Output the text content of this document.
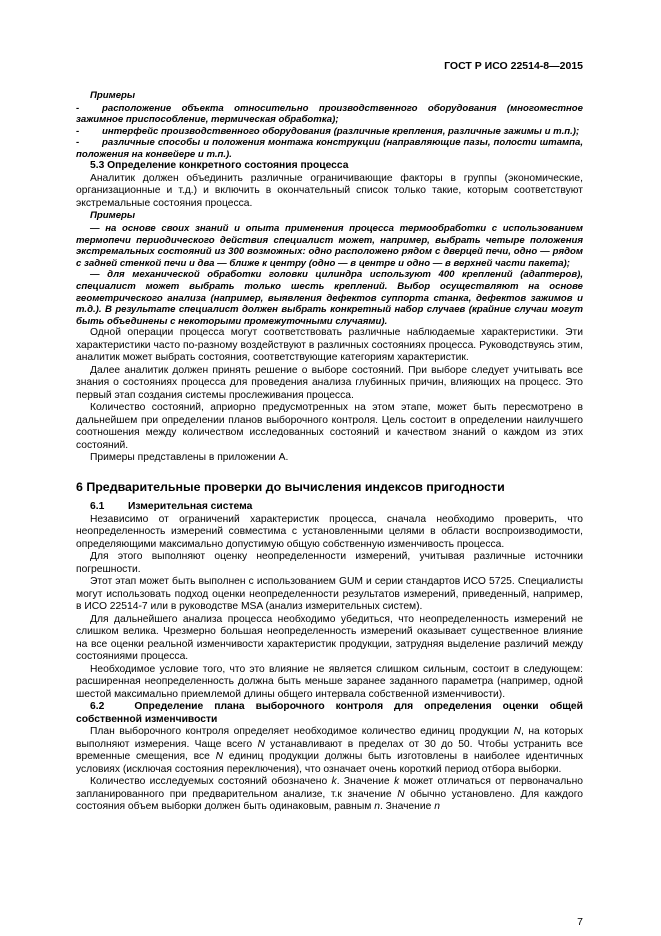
ГОСТ Р ИСО 22514-8—2015

Примеры

-	расположение объекта относительно производственного оборудования (многоместное зажимное приспособление, термическая обработка);
-	интерфейс производственного оборудования (различные крепления, различные зажимы и т.п.);
-	различные способы и положения монтажа конструкции (направляющие пазы, полости штампа, положения на конвейере и т.п.).

5.3 Определение конкретного состояния процесса

Аналитик должен объединить различные ограничивающие факторы в группы (экономические, организационные и т.д.) и включить в окончательный список только такие, которым соответствуют экстремальные состояния процесса.

Примеры

— на основе своих знаний и опыта применения процесса термообработки с использованием термопечи периодического действия специалист может, например, выбрать четыре положения экстремальных состояний из 300 возможных: одно расположено рядом с дверцей печи, одно — рядом с задней стенкой печи и два — ближе к центру (одно — в центре и одно — в верхней части пакета);

— для механической обработки головки цилиндра используют 400 креплений (адаптеров), специалист может выбрать только шесть креплений. Выбор осуществляют на основе геометрического анализа (например, выявления дефектов суппорта станка, дефектов зажимов и т.д.). В результате специалист должен выбрать конкретный набор случаев (крайние случаи могут быть объединены с некоторыми промежуточными случаями).

Одной операции процесса могут соответствовать различные наблюдаемые характеристики. Эти характеристики часто по-разному воздействуют в различных состояниях процесса. Руководствуясь этим, аналитик может выбрать состояния, соответствующие категориям характеристик.

Далее аналитик должен принять решение о выборе состояний. При выборе следует учитывать все знания о состояниях процесса для проведения анализа глубинных причин, влияющих на процесс. Это первый этап создания системы прослеживания процесса.

Количество состояний, априорно предусмотренных на этом этапе, может быть пересмотрено в дальнейшем при определении планов выборочного контроля. Цель состоит в определении наилучшего соотношения между количеством исследованных состояний и качеством знаний о каждом из этих состояний.

Примеры представлены в приложении А.

6 Предварительные проверки до вычисления индексов пригодности

6.1	Измерительная система

Независимо от ограничений характеристик процесса, сначала необходимо проверить, что неопределенность измерений совместима с установленными целями в области воспроизводимости, определяющими максимально допустимую общую собственную изменчивость процесса.

Для этого выполняют оценку неопределенности измерений, учитывая различные источники погрешности.

Этот этап может быть выполнен с использованием GUM и серии стандартов ИСО 5725. Специалисты могут использовать подход оценки неопределенности результатов измерений, приведенный, например, в ИСО 22514-7 или в руководстве MSA (анализ измерительных систем).

Для дальнейшего анализа процесса необходимо убедиться, что неопределенность измерений не слишком велика. Чрезмерно большая неопределенность измерений оказывает существенное влияние на все оценки реальной изменчивости характеристик продукции, затрудняя выделение различий между состояниями процесса.

Необходимое условие того, что это влияние не является слишком сильным, состоит в следующем: расширенная неопределенность должна быть меньше заранее заданного параметра (например, одной шестой максимально приемлемой длины общего интервала собственной изменчивости).

6.2	Определение плана выборочного контроля для определения оценки общей собственной изменчивости

План выборочного контроля определяет необходимое количество единиц продукции N, на которых выполняют измерения. Чаще всего N устанавливают в пределах от 30 до 50. Чтобы устранить все временные смещения, все N единиц продукции должны быть изготовлены в наиболее идентичных условиях (исключая состояния переключения), что означает очень короткий период отбора выборки.

Количество исследуемых состояний обозначено k. Значение k может отличаться от первоначально запланированного при предварительном анализе, т.к значение N обычно установлено. Для каждого состояния объем выборки должен быть одинаковым, равным n. Значение n

7
